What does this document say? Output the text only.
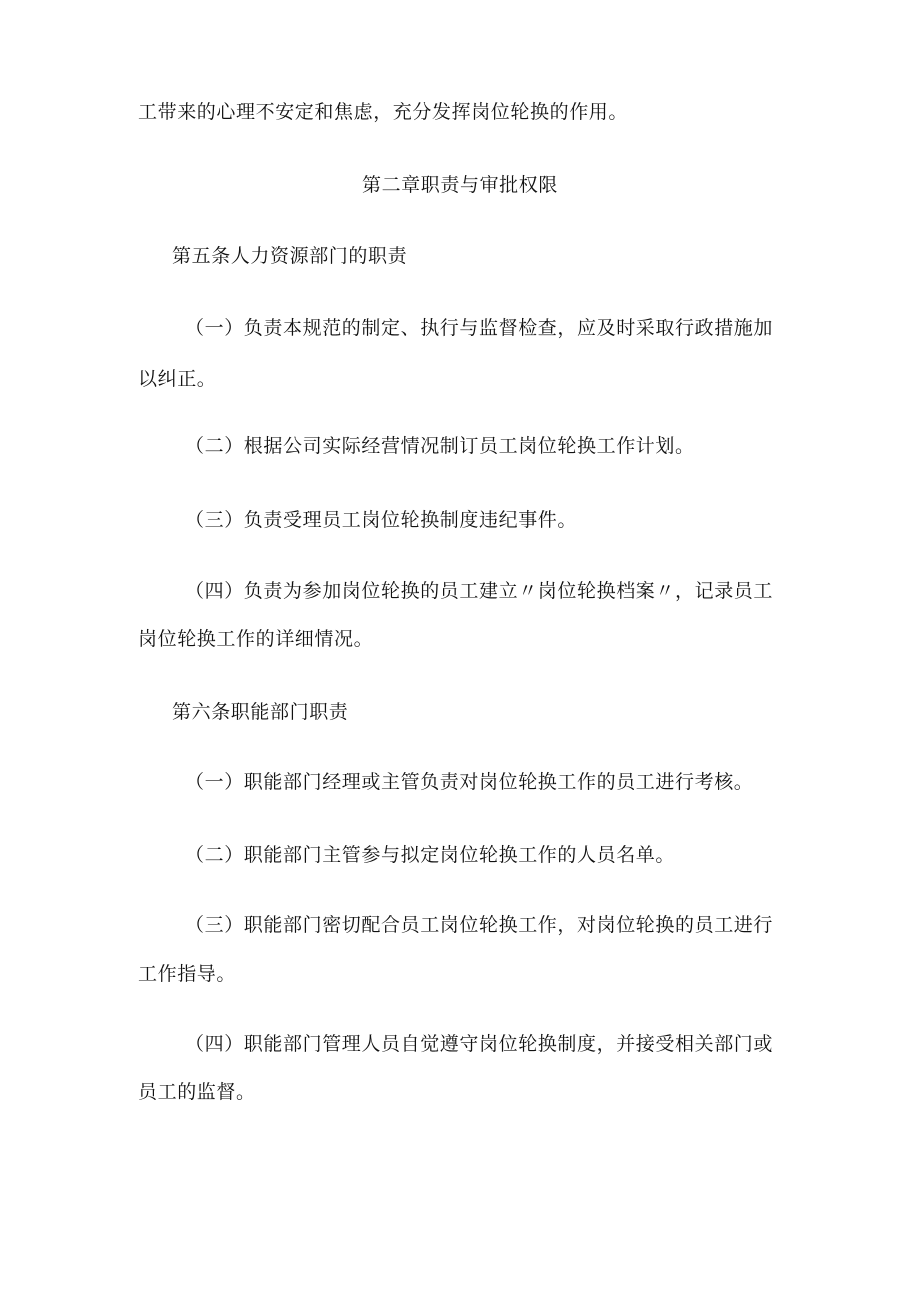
工带来的心理不安定和焦虑，充分发挥岗位轮换的作用。
第二章职责与审批权限
第五条人力资源部门的职责
（一）负责本规范的制定、执行与监督检查，应及时采取行政措施加
以纠正。
（二）根据公司实际经营情况制订员工岗位轮换工作计划。
（三）负责受理员工岗位轮换制度违纪事件。
（四）负责为参加岗位轮换的员工建立〃岗位轮换档案〃，记录员工
岗位轮换工作的详细情况。
第六条职能部门职责
（一）职能部门经理或主管负责对岗位轮换工作的员工进行考核。
（二）职能部门主管参与拟定岗位轮换工作的人员名单。
（三）职能部门密切配合员工岗位轮换工作，对岗位轮换的员工进行
工作指导。
（四）职能部门管理人员自觉遵守岗位轮换制度，并接受相关部门或
员工的监督。
